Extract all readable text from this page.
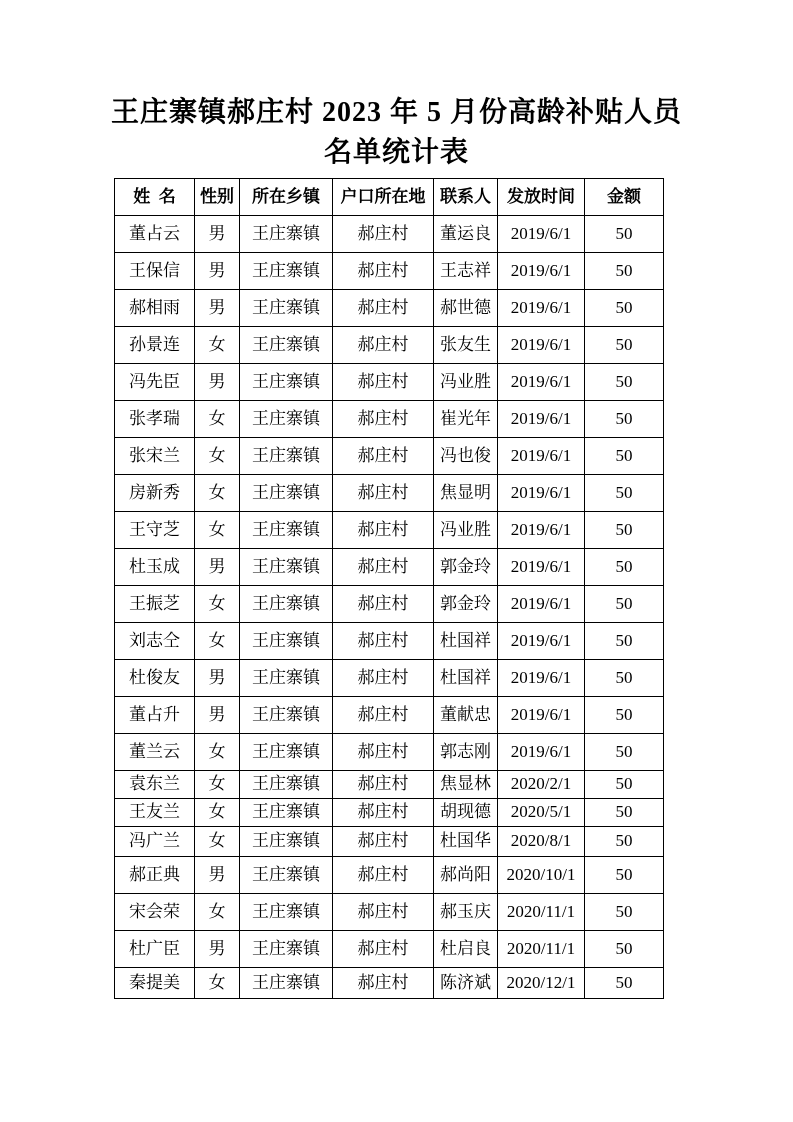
王庄寨镇郝庄村 2023 年 5 月份高龄补贴人员
名单统计表
姓 名	性别	所在乡镇	户口所在地	联系人	发放时间	金额
董占云	男	王庄寨镇	郝庄村	董运良	2019/6/1	50
王保信	男	王庄寨镇	郝庄村	王志祥	2019/6/1	50
郝相雨	男	王庄寨镇	郝庄村	郝世德	2019/6/1	50
孙景连	女	王庄寨镇	郝庄村	张友生	2019/6/1	50
冯先臣	男	王庄寨镇	郝庄村	冯业胜	2019/6/1	50
张孝瑞	女	王庄寨镇	郝庄村	崔光年	2019/6/1	50
张宋兰	女	王庄寨镇	郝庄村	冯也俊	2019/6/1	50
房新秀	女	王庄寨镇	郝庄村	焦显明	2019/6/1	50
王守芝	女	王庄寨镇	郝庄村	冯业胜	2019/6/1	50
杜玉成	男	王庄寨镇	郝庄村	郭金玲	2019/6/1	50
王振芝	女	王庄寨镇	郝庄村	郭金玲	2019/6/1	50
刘志仝	女	王庄寨镇	郝庄村	杜国祥	2019/6/1	50
杜俊友	男	王庄寨镇	郝庄村	杜国祥	2019/6/1	50
董占升	男	王庄寨镇	郝庄村	董献忠	2019/6/1	50
董兰云	女	王庄寨镇	郝庄村	郭志刚	2019/6/1	50
袁东兰	女	王庄寨镇	郝庄村	焦显林	2020/2/1	50
王友兰	女	王庄寨镇	郝庄村	胡现德	2020/5/1	50
冯广兰	女	王庄寨镇	郝庄村	杜国华	2020/8/1	50
郝正典	男	王庄寨镇	郝庄村	郝尚阳	2020/10/1	50
宋会荣	女	王庄寨镇	郝庄村	郝玉庆	2020/11/1	50
杜广臣	男	王庄寨镇	郝庄村	杜启良	2020/11/1	50
秦提美	女	王庄寨镇	郝庄村	陈济斌	2020/12/1	50
